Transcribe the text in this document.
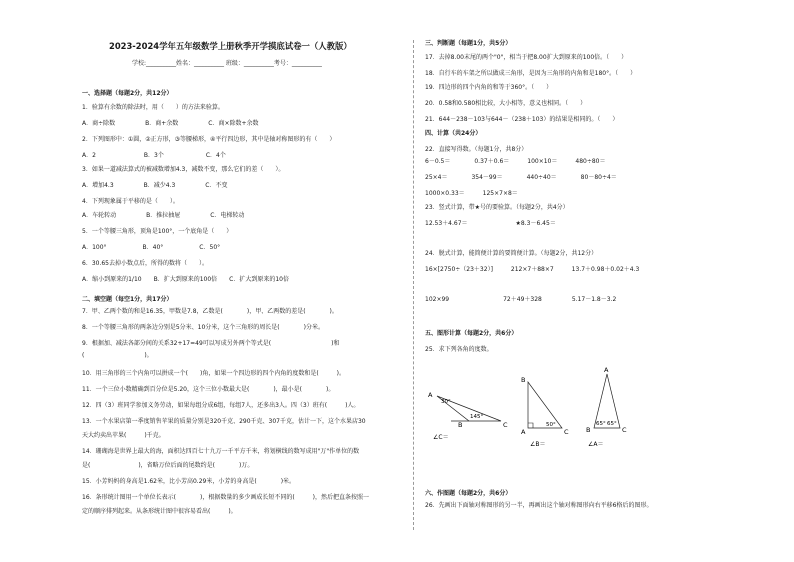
2023-2024学年五年级数学上册秋季开学摸底试卷一（人教版）
学校:__________姓名：__________ 班级：__________考号：__________
一、选择题（每题2分，共12分）
1．验算有余数的除法时，用（　　）的方法来验算。
A．商÷除数　　　　　B．商+余数　　　　　C．商×除数+余数
2．下列图形中：①圆，②正方形，③等腰梯形，④平行四边形，其中是轴对称图形的有（　　）
A．2　　　　　　　　B．3个　　　　　　　C．4个
3．如果一道减法算式的被减数增加4.3，减数不变，那么它们的差（　　）。
A．增加4.3　　　　　B．减少4.3　　　　　C．不变
4．下列现象属于平移的是（　　）。
A．车轮转动　　　　　B．推拉抽屉　　　　　C．电梯转动
5．一个等腰三角形，顶角是100°，一个底角是（　　）
A．100°　　　　　　B．40°　　　　　　C．50°
6．30.65去掉小数点后，所得的数将（　　）。
A．缩小到原来的1/10　　B．扩大到原来的100倍　　C．扩大到原来的10倍
二、填空题（每空1分，共17分）
7．甲、乙两个数的和是16.35，甲数是7.8，乙数是(　　　　)，甲、乙两数的差是(　　　　)。
8．一个等腰三角形的两条边分别是5分米、10分米，这个三角形的周长是(　　　　)分米。
9．根据加、减法各部分间的关系32+17=49可以写成另外两个等式是(　　　　　　　　　　)和
(　　　　　　　　　　)。
10．用三角形的三个内角可以拼成一个(　　)角，如果一个四边形的四个内角的度数和是(　　　)。
11．一个三位小数精确到百分位是5.20，这个三位小数最大是(　　　　)，最小是(　　　　)。
12．四（3）班同学参加义务劳动，如果每组分成6组，每组7人，还多出3人。四（3）班有(　　　)人。
13．一个水果店第一季度销售苹果的质量分别是320千克、290千克、307千克，估计一下，这个水果店30
天大约卖出苹果(　　　)千克。
14．珊瑚海是世界上最大的海，面积达四百七十九万一千平方千米，将划横线的数写成用"万"作单位的数
是(　　　　　　　　)，省略万位后面的尾数约是(　　　　)万。
15．小芳妈妈的身高是1.62米，比小芳高0.29米，小芳的身高是(　　　　)米。
16．条形统计图用一个单位长表示(　　　　)，根据数量的多少画成长短不同的(　　　)，然后把直条按照一
定的顺序排列起来。从条形统计图中很容易看出(　　　)。
三、判断题（每题1分，共5分）
17．去掉8.00末尾的两个"0"，相当于把8.00扩大到原来的100倍。（　　）
18．自行车的车架之所以做成三角形，是因为三角形的内角和是180°。（　　）
19．四边形的四个内角的和等于360°。（　　）
20．0.58和0.580相比较，大小相等，意义也相同。（　　）
21．644－238－103与644－（238＋103）的结果是相同的。（　　）
四、计算（共24分）
22．直接写得数。（每题1分，共8分）
6－0.5＝　　　　0.37＋0.6＝　　　100×10＝　　　480÷80＝
25×4＝　　　　354－99＝　　　　440÷40＝　　　　80－80÷4＝
1000×0.33＝　　　125×7×8＝
23．竖式计算，带★号的要验算。（每题2分，共4分）
12.53＋4.67＝　　　　　　　　★8.3－6.45＝
24．脱式计算，能简便计算的要简便计算。（每题2分，共12分）
16×[2750÷（23＋32）]　　　212×7＋88×7　　　13.7＋0.98＋0.02＋4.3
102×99　　　　　　　　　72＋49＋328　　　　　5.17－1.8－3.2
五、图形计算（每题2分，共6分）
25．求下列各角的度数。
六、作图题（每题2分，共6分）
26．先画出下面轴对称图形的另一半，再画出这个轴对称图形向右平移6格后的图形。
A
B	C
30°
145°
∠C＝
B
A	C
50°
∠B＝
A
B	C
65° 65°
∠A＝
